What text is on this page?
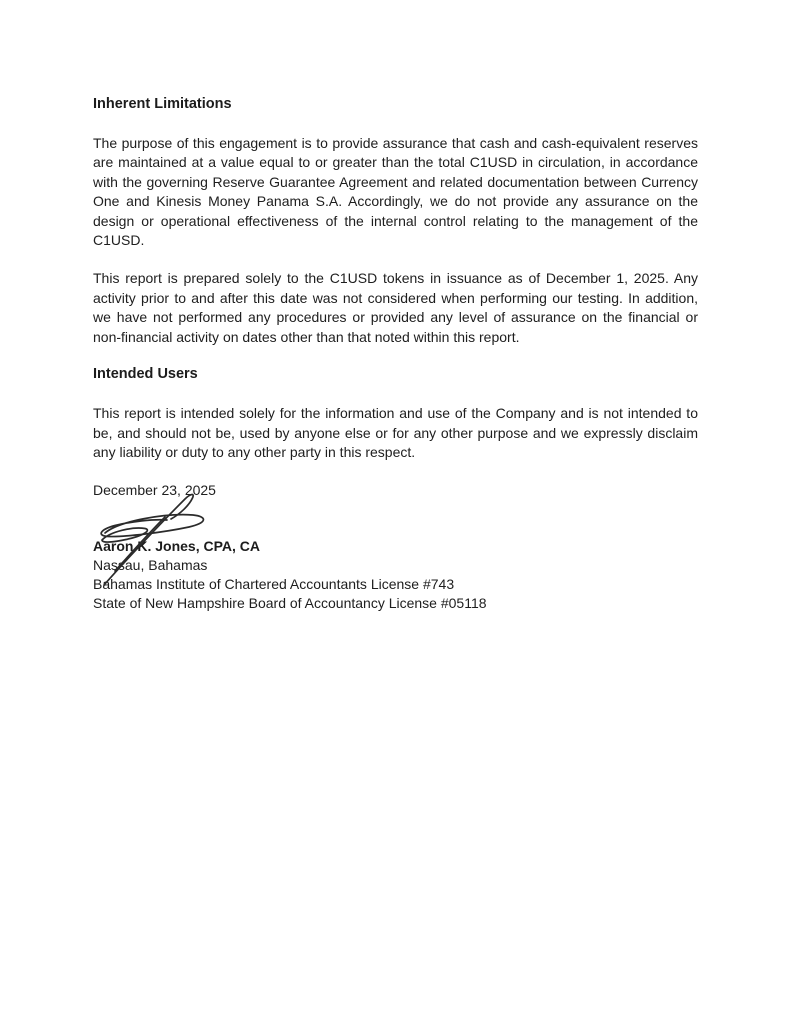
Inherent Limitations

The purpose of this engagement is to provide assurance that cash and cash-equivalent reserves are maintained at a value equal to or greater than the total C1USD in circulation, in accordance with the governing Reserve Guarantee Agreement and related documentation between Currency One and Kinesis Money Panama S.A. Accordingly, we do not provide any assurance on the design or operational effectiveness of the internal control relating to the management of the C1USD.

This report is prepared solely to the C1USD tokens in issuance as of December 1, 2025. Any activity prior to and after this date was not considered when performing our testing. In addition, we have not performed any procedures or provided any level of assurance on the financial or non-financial activity on dates other than that noted within this report.

Intended Users

This report is intended solely for the information and use of the Company and is not intended to be, and should not be, used by anyone else or for any other purpose and we expressly disclaim any liability or duty to any other party in this respect.

December 23, 2025

Aaron K. Jones, CPA, CA

Nassau, Bahamas

Bahamas Institute of Chartered Accountants License #743

State of New Hampshire Board of Accountancy License #05118
